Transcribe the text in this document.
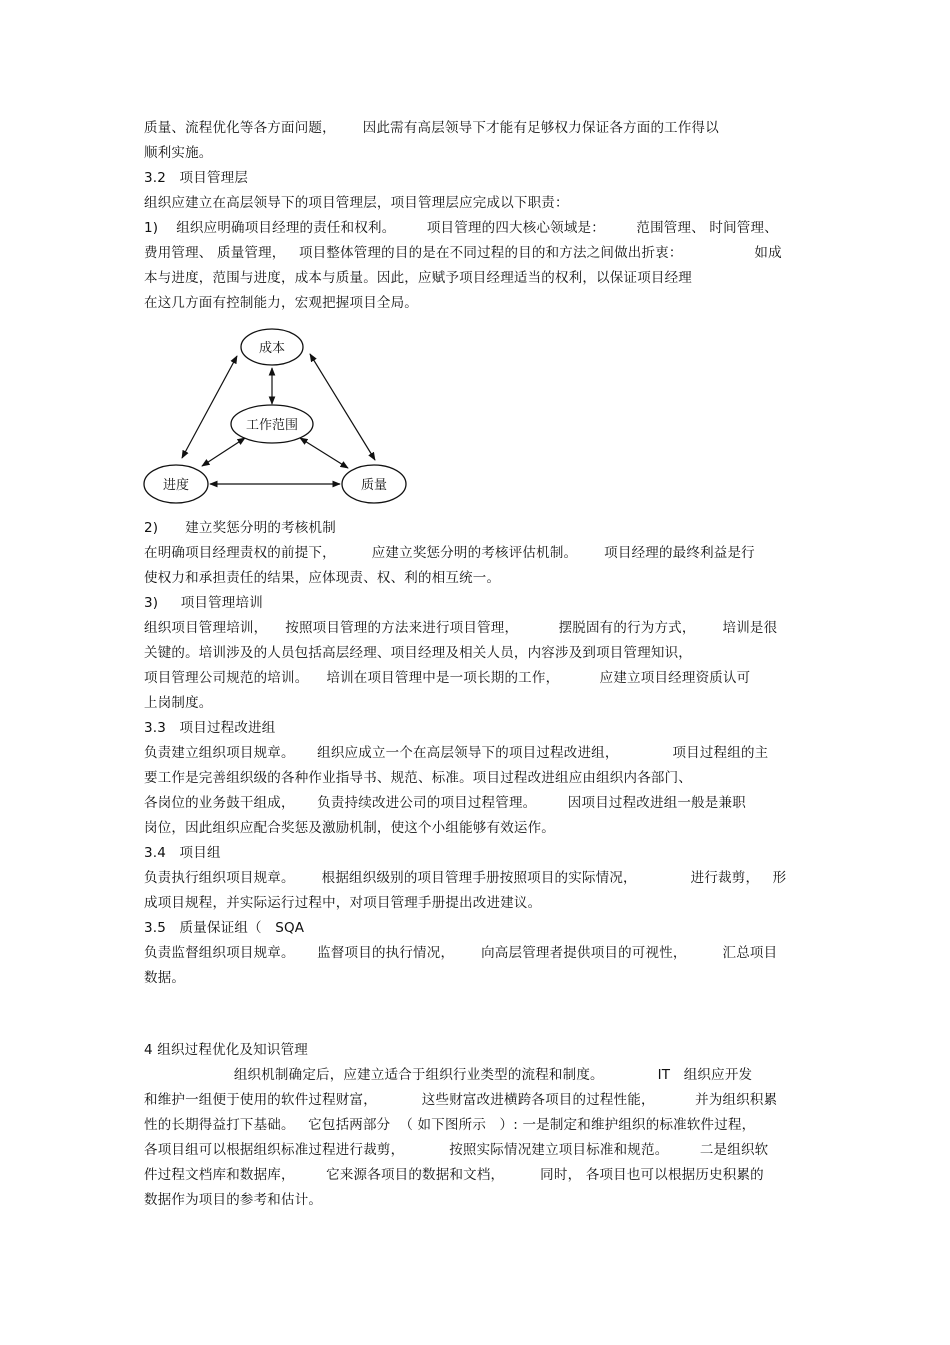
质量、流程优化等各方面问题，      因此需有高层领导下才能有足够权力保证各方面的工作得以
顺利实施。
3.2   项目管理层
组织应建立在高层领导下的项目管理层，项目管理层应完成以下职责：
1)    组织应明确项目经理的责任和权利。       项目管理的四大核心领域是：       范围管理、 时间管理、
费用管理、 质量管理，   项目整体管理的目的是在不同过程的目的和方法之间做出折衷：                如成
本与进度，范围与进度，成本与质量。因此，应赋予项目经理适当的权利，以保证项目经理
在这几方面有控制能力，宏观把握项目全局。
成本
工作范围
进度	质量
2)      建立奖惩分明的考核机制
在明确项目经理责权的前提下，        应建立奖惩分明的考核评估机制。      项目经理的最终利益是行
使权力和承担责任的结果，应体现责、权、利的相互统一。
3)     项目管理培训
组织项目管理培训，    按照项目管理的方法来进行项目管理，         摆脱固有的行为方式，      培训是很
关键的。培训涉及的人员包括高层经理、项目经理及相关人员，内容涉及到项目管理知识，
项目管理公司规范的培训。    培训在项目管理中是一项长期的工作，         应建立项目经理资质认可
上岗制度。
3.3   项目过程改进组
负责建立组织项目规章。     组织应成立一个在高层领导下的项目过程改进组，            项目过程组的主
要工作是完善组织级的各种作业指导书、规范、标准。项目过程改进组应由组织内各部门、
各岗位的业务鼓干组成，     负责持续改进公司的项目过程管理。       因项目过程改进组一般是兼职
岗位，因此组织应配合奖惩及激励机制，使这个小组能够有效运作。
3.4   项目组
负责执行组织项目规章。      根据组织级别的项目管理手册按照项目的实际情况，            进行裁剪，   形
成项目规程，并实际运行过程中，对项目管理手册提出改进建议。
3.5   质量保证组（   SQA
负责监督组织项目规章。     监督项目的执行情况，      向高层管理者提供项目的可视性，        汇总项目
数据。
4 组织过程优化及知识管理
组织机制确定后，应建立适合于组织行业类型的流程和制度。            IT   组织应开发
和维护一组便于使用的软件过程财富，          这些财富改进横跨各项目的过程性能，         并为组织积累
性的长期得益打下基础。   它包括两部分  （ 如下图所示   ）: 一是制定和维护组织的标准软件过程，
各项目组可以根据组织标准过程进行裁剪，          按照实际情况建立项目标准和规范。       二是组织软
件过程文档库和数据库，       它来源各项目的数据和文档，        同时， 各项目也可以根据历史积累的
数据作为项目的参考和估计。
